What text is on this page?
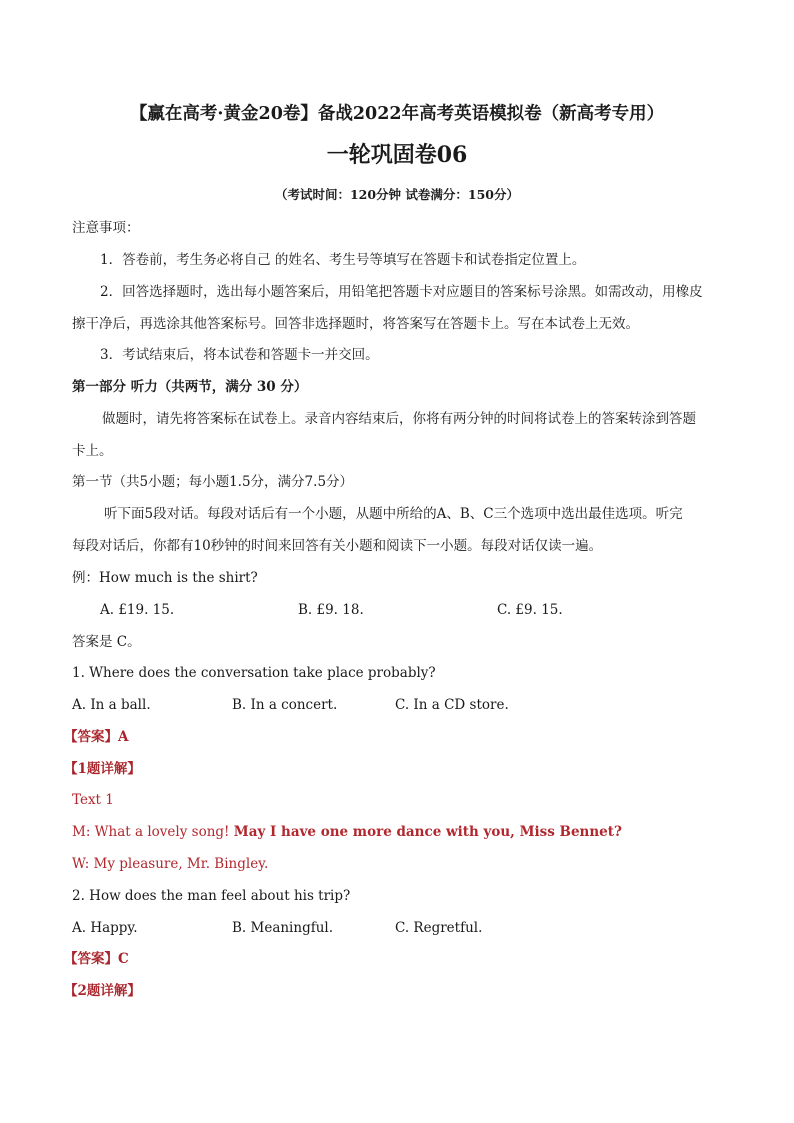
【赢在高考·黄金20卷】备战2022年高考英语模拟卷（新高考专用）
一轮巩固卷06
（考试时间：120分钟 试卷满分：150分）
注意事项：
1．答卷前，考生务必将自己 的姓名、考生号等填写在答题卡和试卷指定位置上。
2．回答选择题时，选出每小题答案后，用铅笔把答题卡对应题目的答案标号涂黑。如需改动，用橡皮
擦干净后，再选涂其他答案标号。回答非选择题时，将答案写在答题卡上。写在本试卷上无效。
3．考试结束后，将本试卷和答题卡一并交回。
第一部分 听力（共两节，满分 30 分）
做题时，请先将答案标在试卷上。录音内容结束后，你将有两分钟的时间将试卷上的答案转涂到答题
卡上。
第一节（共5小题；每小题1.5分，满分7.5分）
听下面5段对话。每段对话后有一个小题，从题中所给的A、B、C三个选项中选出最佳选项。听完
每段对话后，你都有10秒钟的时间来回答有关小题和阅读下一小题。每段对话仅读一遍。
例：How much is the shirt?
A. £19. 15.	B. £9. 18.	C. £9. 15.
答案是 C。
1. Where does the conversation take place probably?
A. In a ball.	B. In a concert.	C. In a CD store.
【答案】A
【1题详解】
Text 1
M: What a lovely song! May I have one more dance with you, Miss Bennet?
W: My pleasure, Mr. Bingley.
2. How does the man feel about his trip?
A. Happy.	B. Meaningful.	C. Regretful.
【答案】C
【2题详解】
